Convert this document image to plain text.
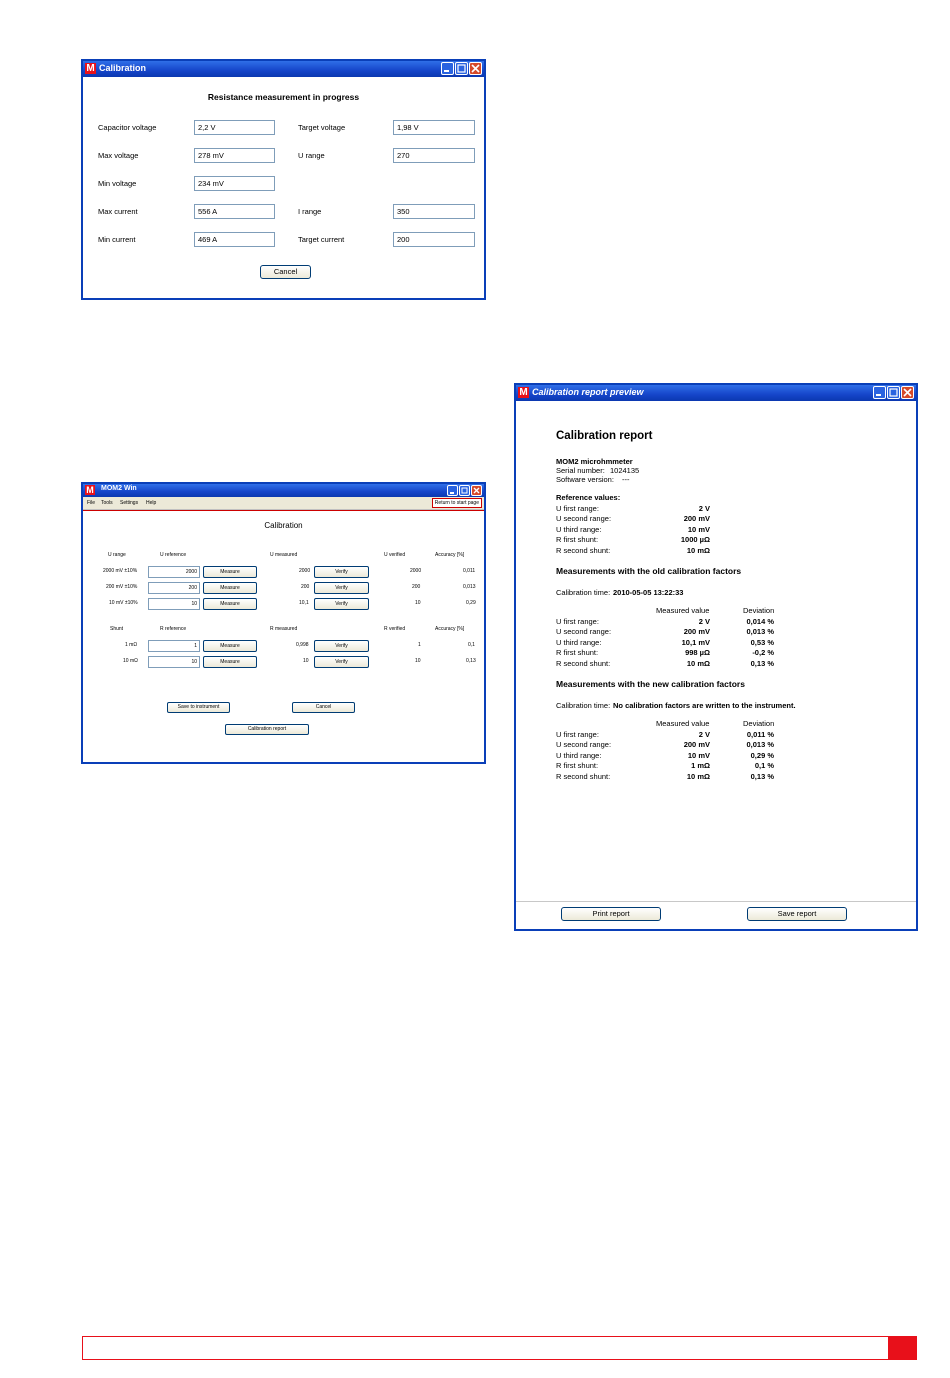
M Calibration
Resistance measurement in progress
Capacitor voltage	2,2 V	Target voltage	1,98 V
Max voltage	278 mV	U range	270
Min voltage	234 mV
Max current	556 A	I range	350
Min current	469 A	Target current	200
Cancel
M MOM2 Win
File Tools Settings Help	Return to start page
Calibration
U range	U reference	U measured	U verified	Accuracy [%]
2000 mV ±10%	2000	Measure	2000	Verify	2000	0,011
200 mV ±10%	200	Measure	200	Verify	200	0,013
10 mV ±10%	10	Measure	10,1	Verify	10	0,29
Shunt	R reference	R measured	R verified	Accuracy [%]
1 mΩ	1	Measure	0,998	Verify	1	0,1
10 mΩ	10	Measure	10	Verify	10	0,13
Save to instrument	Cancel
Calibration report
M Calibration report preview
Calibration report
MOM2 microhmmeter
Serial number: 1024135
Software version: ---
Reference values:
U first range:	2 V
U second range:	200 mV
U third range:	10 mV
R first shunt:	1000 µΩ
R second shunt:	10 mΩ
Measurements with the old calibration factors
Calibration time: 2010-05-05 13:22:33
Measured value	Deviation
U first range:	2 V	0,014 %
U second range:	200 mV	0,013 %
U third range:	10,1 mV	0,53 %
R first shunt:	998 µΩ	-0,2 %
R second shunt:	10 mΩ	0,13 %
Measurements with the new calibration factors
Calibration time: No calibration factors are written to the instrument.
Measured value	Deviation
U first range:	2 V	0,011 %
U second range:	200 mV	0,013 %
U third range:	10 mV	0,29 %
R first shunt:	1 mΩ	0,1 %
R second shunt:	10 mΩ	0,13 %
Print report	Save report
